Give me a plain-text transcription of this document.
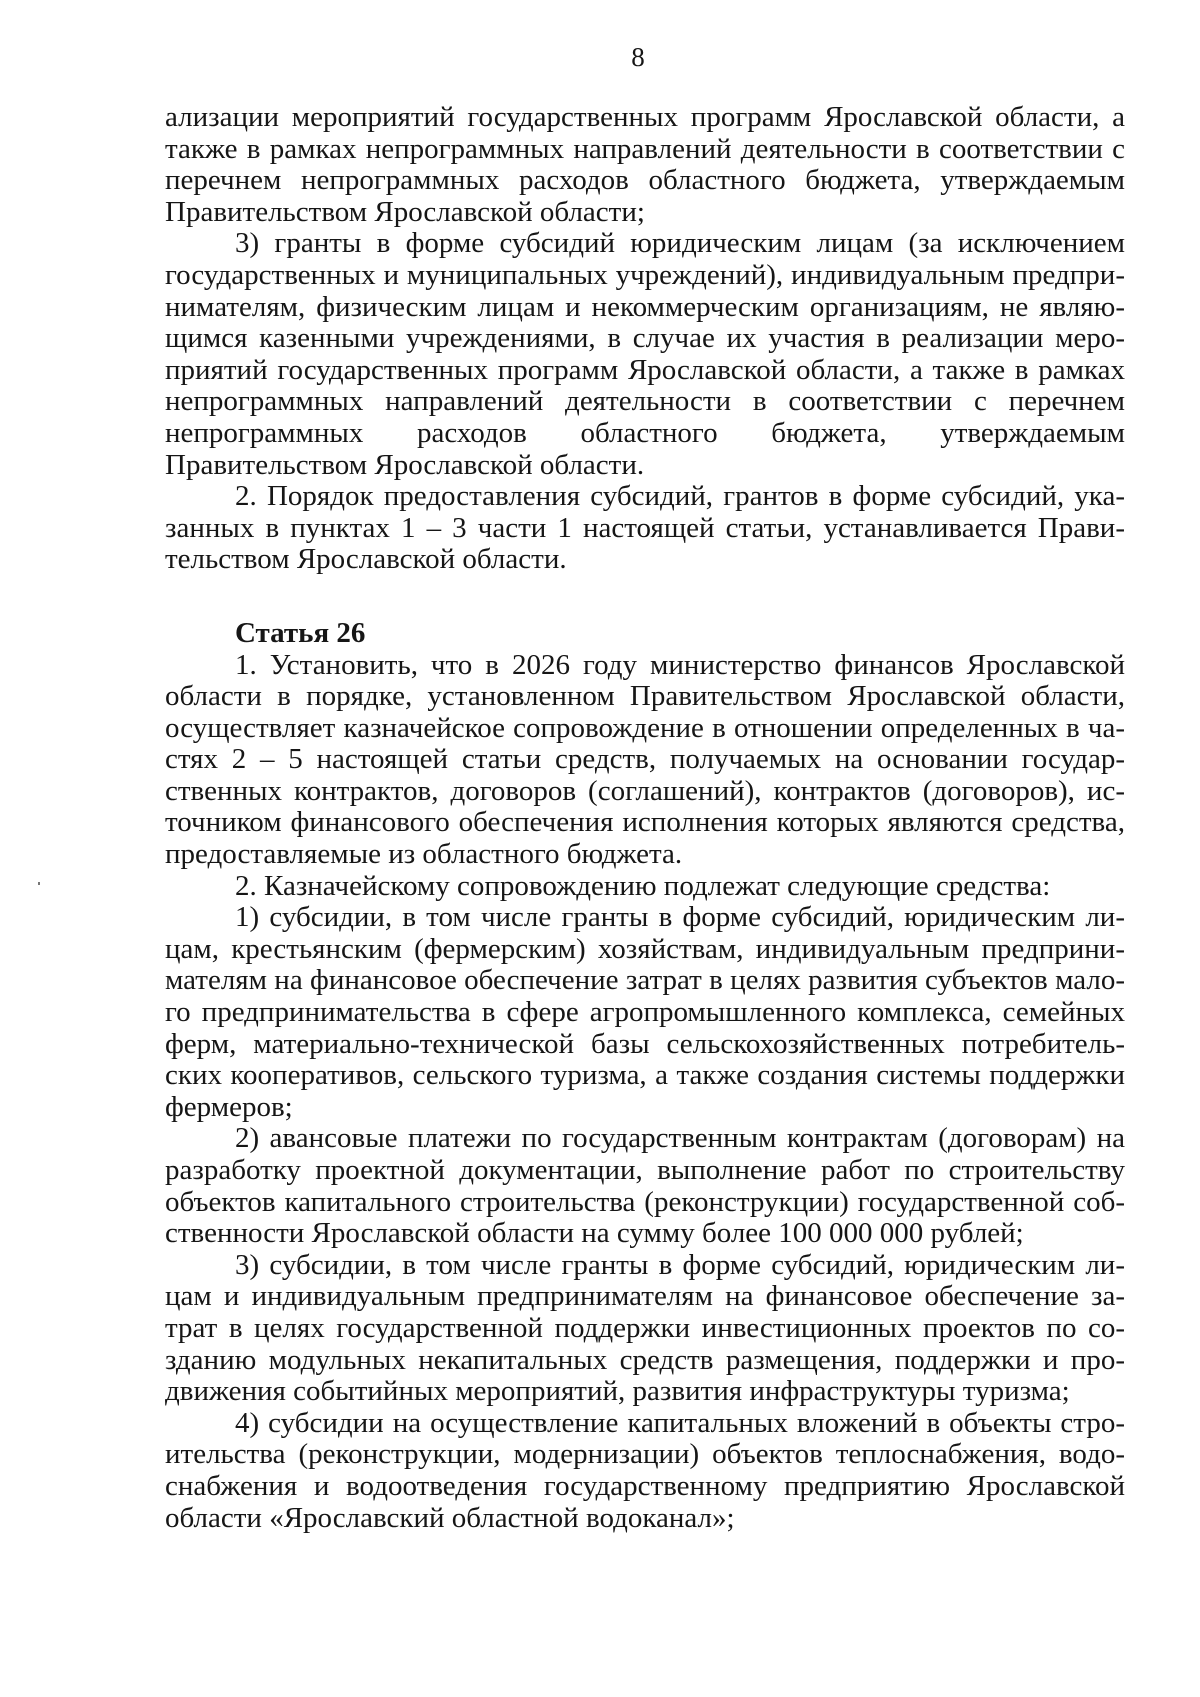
8

ализации мероприятий государственных программ Ярославской области, а также в рамках непрограммных направлений деятельности в соответствии с перечнем непрограммных расходов областного бюджета, утверждаемым Правительством Ярославской области;

3) гранты в форме субсидий юридическим лицам (за исключением государственных и муниципальных учреждений), индивидуальным предпринимателям, физическим лицам и некоммерческим организациям, не являющимся казенными учреждениями, в случае их участия в реализации мероприятий государственных программ Ярославской области, а также в рамках непрограммных направлений деятельности в соответствии с перечнем непрограммных расходов областного бюджета, утверждаемым Правительством Ярославской области.

2. Порядок предоставления субсидий, грантов в форме субсидий, указанных в пунктах 1 – 3 части 1 настоящей статьи, устанавливается Правительством Ярославской области.

Статья 26

1. Установить, что в 2026 году министерство финансов Ярославской области в порядке, установленном Правительством Ярославской области, осуществляет казначейское сопровождение в отношении определенных в частях 2 – 5 настоящей статьи средств, получаемых на основании государственных контрактов, договоров (соглашений), контрактов (договоров), источником финансового обеспечения исполнения которых являются средства, предоставляемые из областного бюджета.

2. Казначейскому сопровождению подлежат следующие средства:

1) субсидии, в том числе гранты в форме субсидий, юридическим лицам, крестьянским (фермерским) хозяйствам, индивидуальным предпринимателям на финансовое обеспечение затрат в целях развития субъектов малого предпринимательства в сфере агропромышленного комплекса, семейных ферм, материально-технической базы сельскохозяйственных потребительских кооперативов, сельского туризма, а также создания системы поддержки фермеров;

2) авансовые платежи по государственным контрактам (договорам) на разработку проектной документации, выполнение работ по строительству объектов капитального строительства (реконструкции) государственной собственности Ярославской области на сумму более 100 000 000 рублей;

3) субсидии, в том числе гранты в форме субсидий, юридическим лицам и индивидуальным предпринимателям на финансовое обеспечение затрат в целях государственной поддержки инвестиционных проектов по созданию модульных некапитальных средств размещения, поддержки и продвижения событийных мероприятий, развития инфраструктуры туризма;

4) субсидии на осуществление капитальных вложений в объекты строительства (реконструкции, модернизации) объектов теплоснабжения, водоснабжения и водоотведения государственному предприятию Ярославской области «Ярославский областной водоканал»;
